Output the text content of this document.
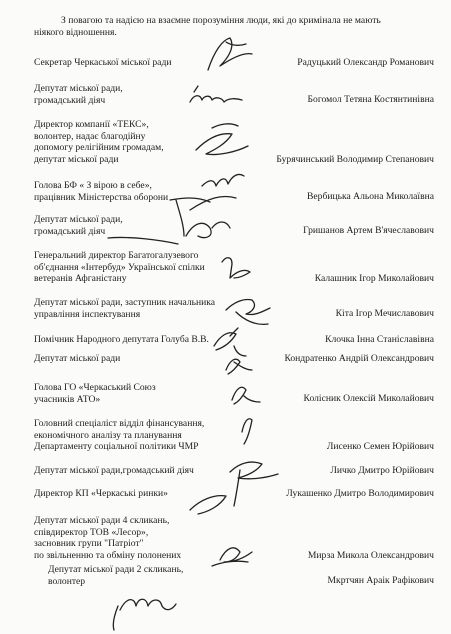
З повагою та надією на взаємне порозуміння люди, які до кримінала не мають
ніякого відношення.
Секретар Черкаської міської ради	Радуцький Олександр Романович
Депутат міської ради,
громадський діяч	Богомол Тетяна Костянтинівна
Директор компанії «ТЕКС»,
волонтер, надає благодійну
допомогу релігійним громадам,
депутат міської ради	Бурячинський Володимир Степанович
Голова БФ « З вірою в себе»,
працівник Міністерства оборони	Вербицька Альона Миколаївна
Депутат міської ради,
громадський діяч	Гришанов Артем В'ячеславович
Генеральний директор Багатогалузевого
об'єднання «Інтербуд» Української спілки
ветеранів Афганістану	Калашник Ігор Миколайович
Депутат міської ради, заступник начальника
управління інспектування	Кіта Ігор Мечиславович
Помічник Народного депутата Голуба В.В.	Клочка Інна Станіславівна
Депутат міської ради	Кондратенко Андрій Олександрович
Голова ГО «Черкаський Союз
учасників АТО»	Колісник Олексій Миколайович
Головний спеціаліст відділ фінансування,
економічного аналізу та планування
Департаменту соціальної політики ЧМР	Лисенко Семен Юрійович
Депутат міської ради,громадський діяч	Личко Дмитро Юрійович
Директор КП «Черкаські ринки»	Лукашенко Дмитро Володимирович
Депутат міської ради 4 скликань,
співдиректор ТОВ «Лесор»,
засновник групи "Патріот"
по звільненню та обміну полонених	Мирза Микола Олександрович
Депутат міської ради 2 скликань,
волонтер	Мкртчян Араік Рафікович
